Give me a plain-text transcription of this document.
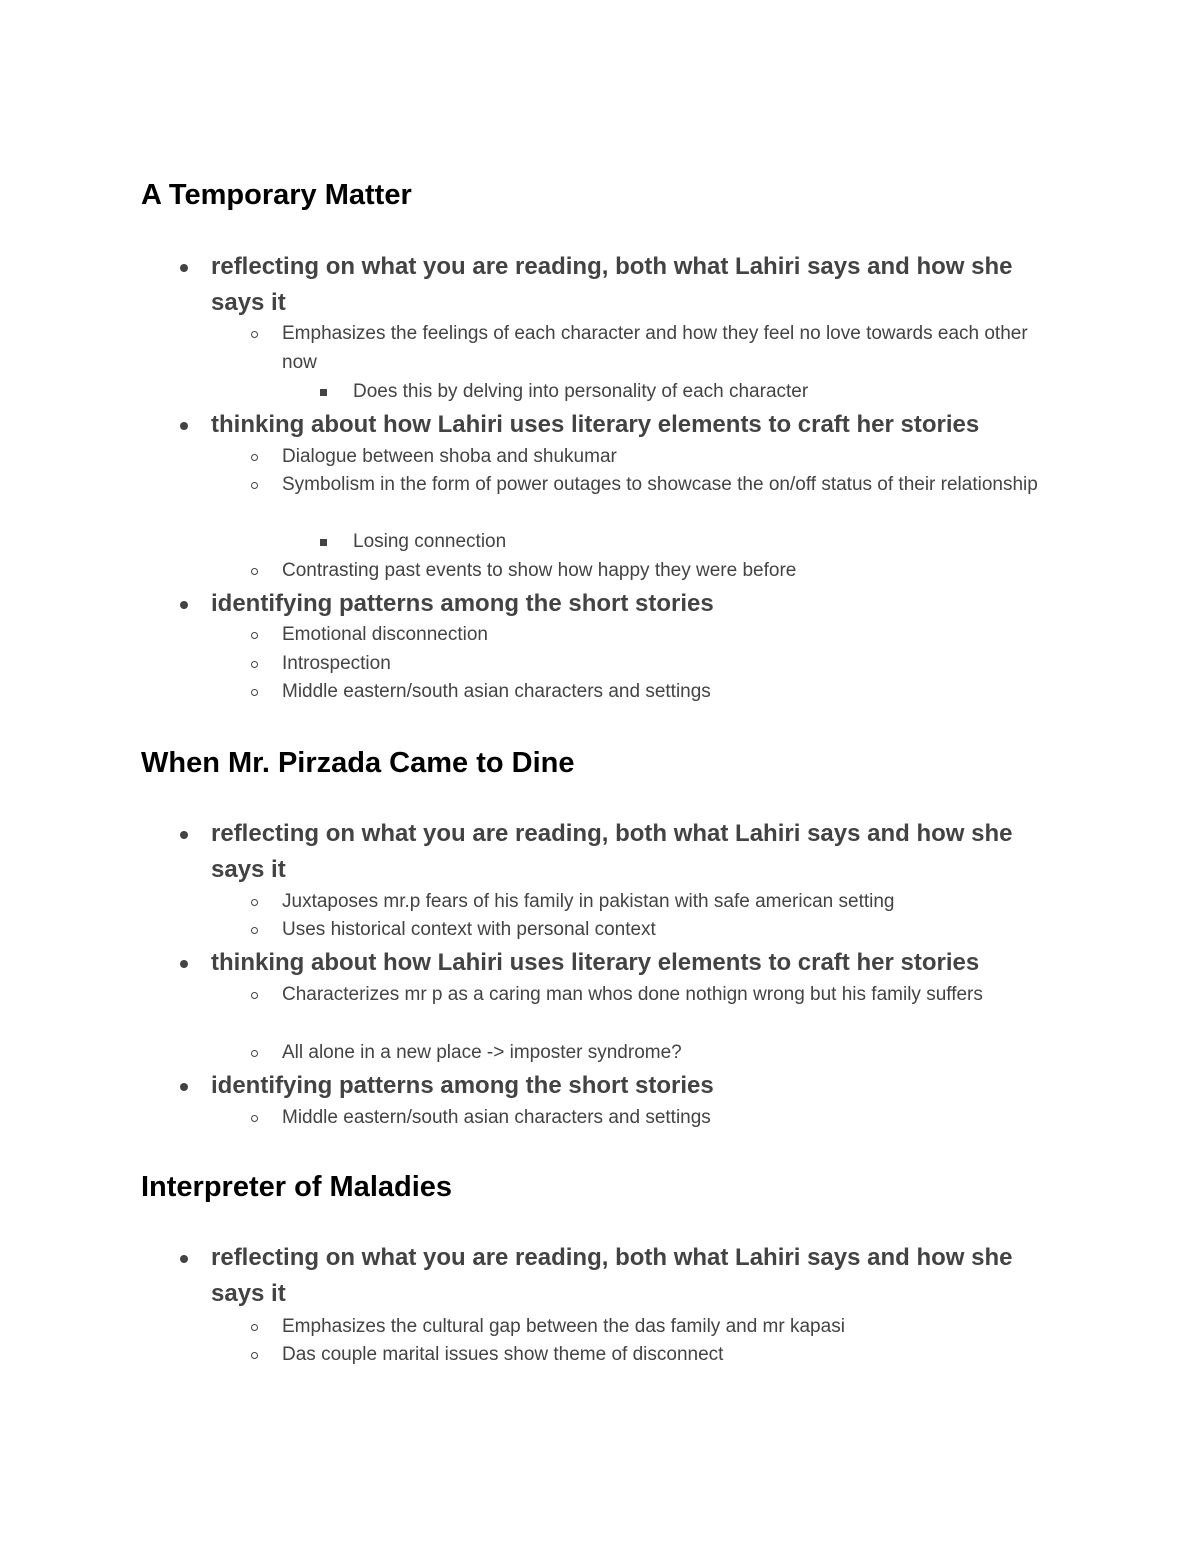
A Temporary Matter
reflecting on what you are reading, both what Lahiri says and how she says it
Emphasizes the feelings of each character and how they feel no love towards each other now
Does this by delving into personality of each character
thinking about how Lahiri uses literary elements to craft her stories
Dialogue between shoba and shukumar
Symbolism in the form of power outages to showcase the on/off status of their relationship
Losing connection
Contrasting past events to show how happy they were before
identifying patterns among the short stories
Emotional disconnection
Introspection
Middle eastern/south asian characters and settings
When Mr. Pirzada Came to Dine
reflecting on what you are reading, both what Lahiri says and how she says it
Juxtaposes mr.p fears of his family in pakistan with safe american setting
Uses historical context with personal context
thinking about how Lahiri uses literary elements to craft her stories
Characterizes mr p as a caring man whos done nothign wrong but his family suffers
All alone in a new place -> imposter syndrome?
identifying patterns among the short stories
Middle eastern/south asian characters and settings
Interpreter of Maladies
reflecting on what you are reading, both what Lahiri says and how she says it
Emphasizes the cultural gap between the das family and mr kapasi
Das couple marital issues show theme of disconnect
